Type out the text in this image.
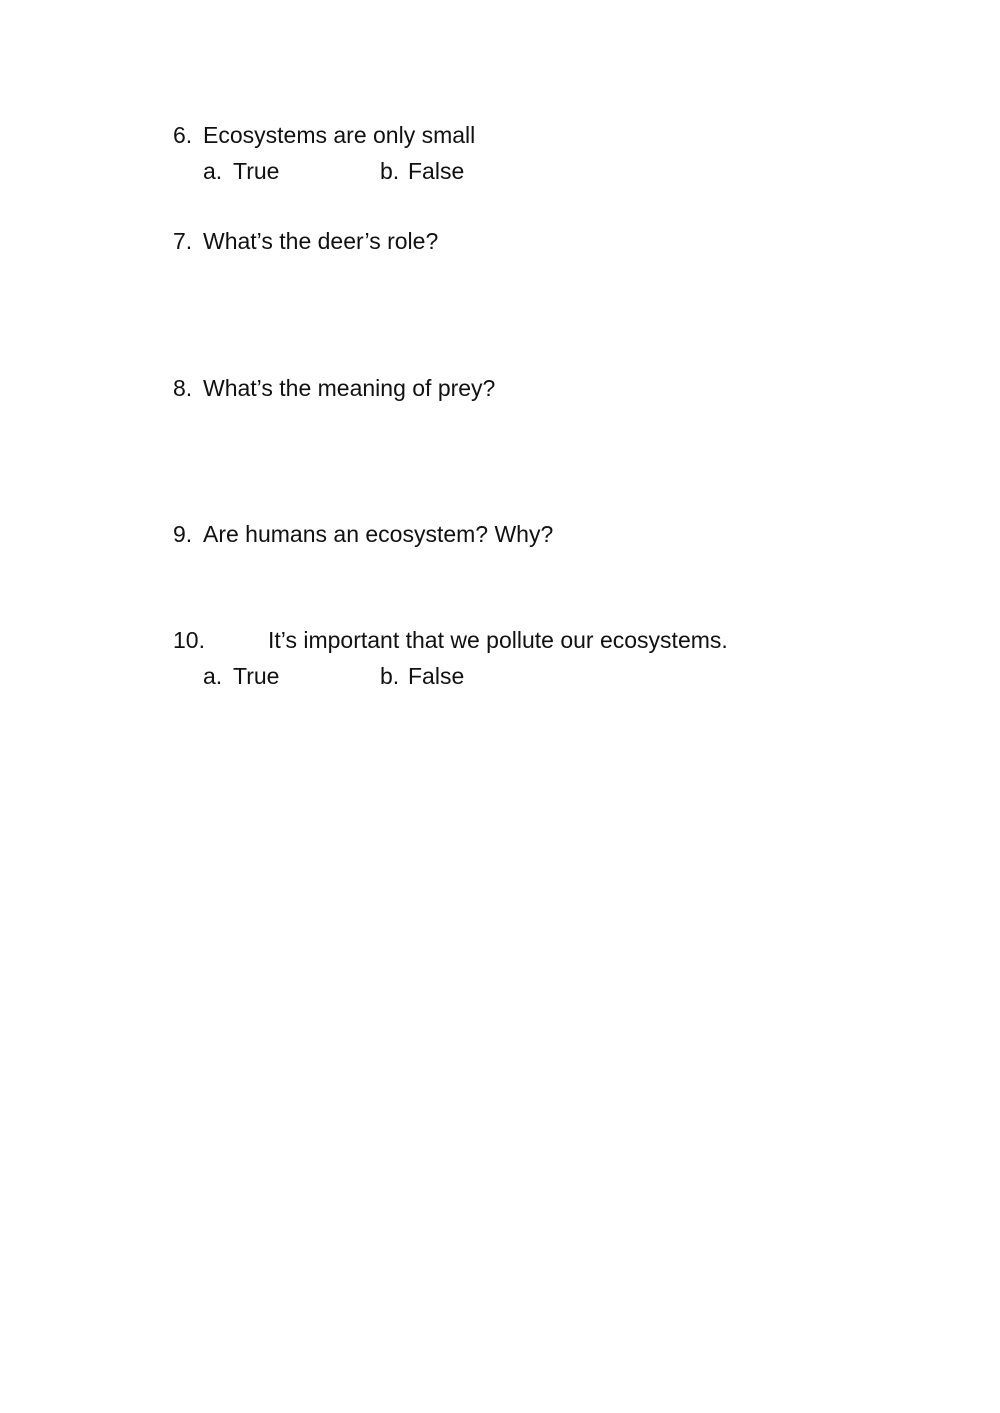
6. Ecosystems are only small
a. True	b. False
7. What’s the deer’s role?
8. What’s the meaning of prey?
9. Are humans an ecosystem? Why?
10.	It’s important that we pollute our ecosystems.
a. True	b. False
